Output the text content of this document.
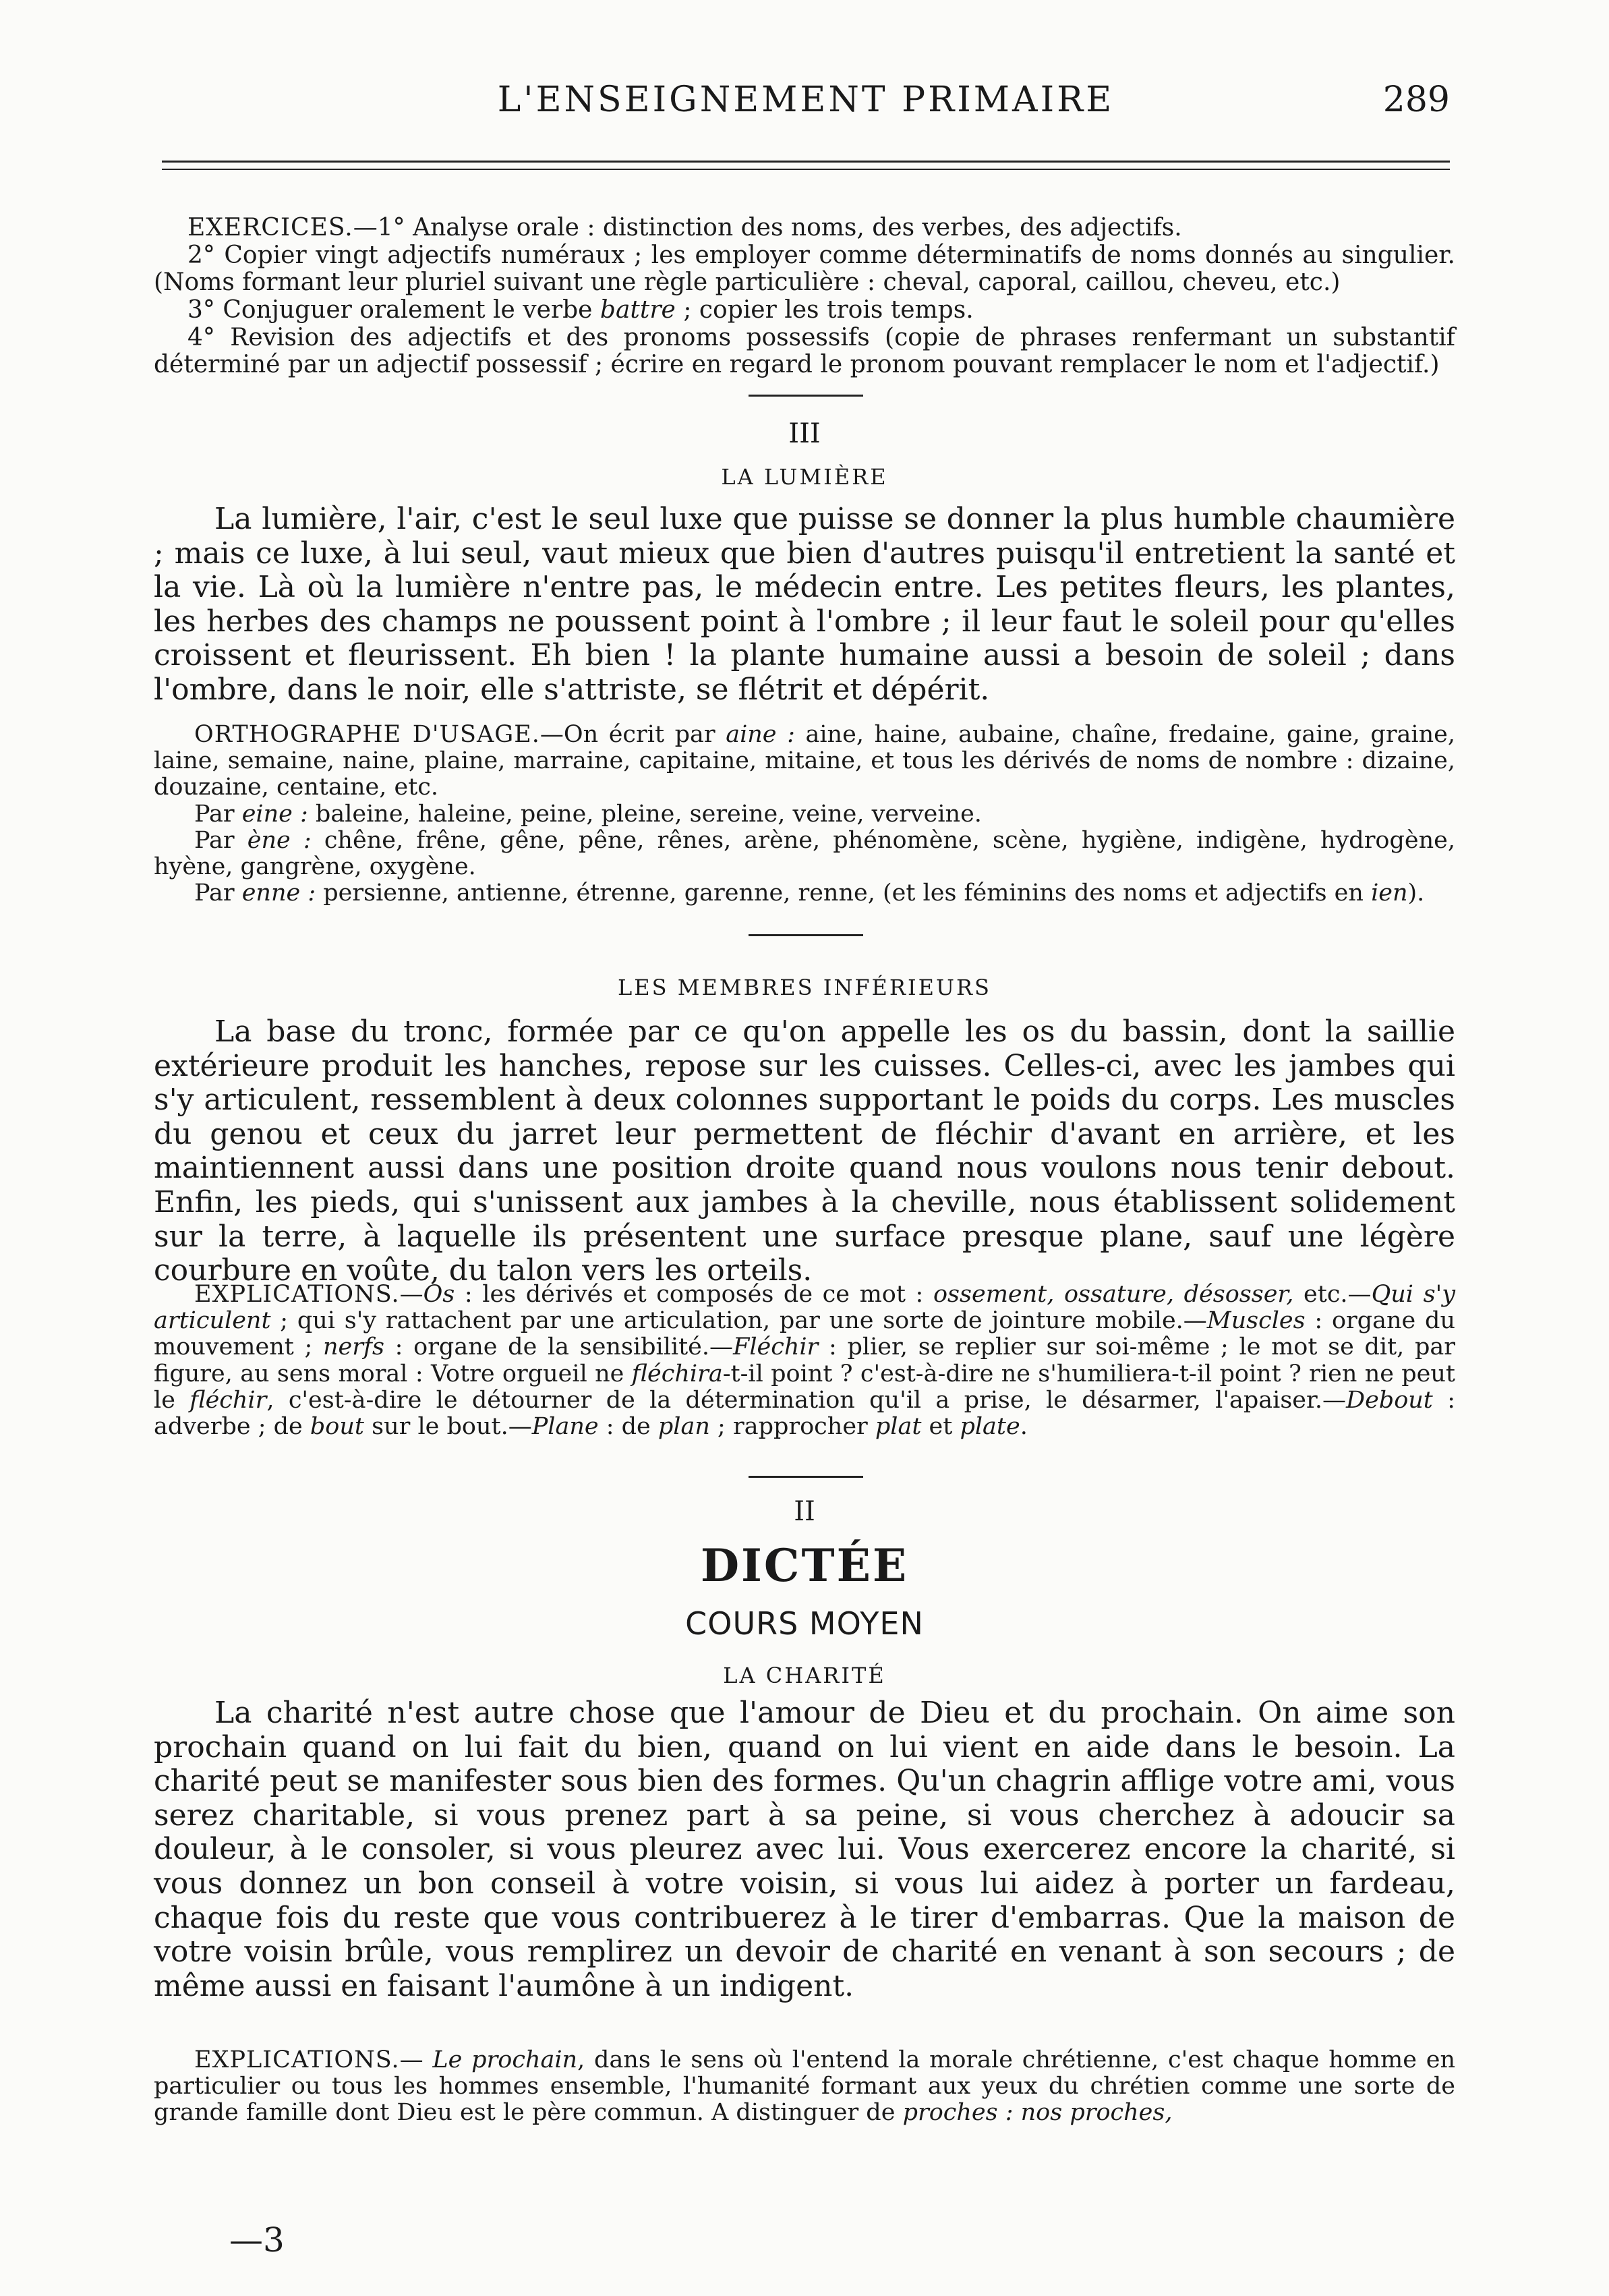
L'ENSEIGNEMENT PRIMAIRE	289

EXERCICES.—1° Analyse orale : distinction des noms, des verbes, des adjectifs.

2° Copier vingt adjectifs numéraux ; les employer comme déterminatifs de noms donnés au singulier. (Noms formant leur pluriel suivant une règle particulière : cheval, caporal, caillou, cheveu, etc.)

3° Conjuguer oralement le verbe battre ; copier les trois temps.

4° Revision des adjectifs et des pronoms possessifs (copie de phrases renfermant un substantif déterminé par un adjectif possessif ; écrire en regard le pronom pouvant remplacer le nom et l'adjectif.)

III
LA LUMIÈRE

La lumière, l'air, c'est le seul luxe que puisse se donner la plus humble chaumière ; mais ce luxe, à lui seul, vaut mieux que bien d'autres puisqu'il entretient la santé et la vie. Là où la lumière n'entre pas, le médecin entre. Les petites fleurs, les plantes, les herbes des champs ne poussent point à l'ombre ; il leur faut le soleil pour qu'elles croissent et fleurissent. Eh bien ! la plante humaine aussi a besoin de soleil ; dans l'ombre, dans le noir, elle s'attriste, se flétrit et dépérit.

ORTHOGRAPHE D'USAGE.—On écrit par aine : aine, haine, aubaine, chaîne, fredaine, gaine, graine, laine, semaine, naine, plaine, marraine, capitaine, mitaine, et tous les dérivés de noms de nombre : dizaine, douzaine, centaine, etc.

Par eine : baleine, haleine, peine, pleine, sereine, veine, verveine.

Par ène : chêne, frêne, gêne, pêne, rênes, arène, phénomène, scène, hygiène, indigène, hydrogène, hyène, gangrène, oxygène.

Par enne : persienne, antienne, étrenne, garenne, renne, (et les féminins des noms et adjectifs en ien).

LES MEMBRES INFÉRIEURS

La base du tronc, formée par ce qu'on appelle les os du bassin, dont la saillie extérieure produit les hanches, repose sur les cuisses. Celles-ci, avec les jambes qui s'y articulent, ressemblent à deux colonnes supportant le poids du corps. Les muscles du genou et ceux du jarret leur permettent de fléchir d'avant en arrière, et les maintiennent aussi dans une position droite quand nous voulons nous tenir debout. Enfin, les pieds, qui s'unissent aux jambes à la cheville, nous établissent solidement sur la terre, à laquelle ils présentent une surface presque plane, sauf une légère courbure en voûte, du talon vers les orteils.

EXPLICATIONS.—Os : les dérivés et composés de ce mot : ossement, ossature, désosser, etc.—Qui s'y articulent ; qui s'y rattachent par une articulation, par une sorte de jointure mobile.—Muscles : organe du mouvement ; nerfs : organe de la sensibilité.—Fléchir : plier, se replier sur soi-même ; le mot se dit, par figure, au sens moral : Votre orgueil ne fléchira-t-il point ? c'est-à-dire ne s'humiliera-t-il point ? rien ne peut le fléchir, c'est-à-dire le détourner de la détermination qu'il a prise, le désarmer, l'apaiser.—Debout : adverbe ; de bout sur le bout.—Plane : de plan ; rapprocher plat et plate.

II
DICTÉE
COURS MOYEN
LA CHARITÉ

La charité n'est autre chose que l'amour de Dieu et du prochain. On aime son prochain quand on lui fait du bien, quand on lui vient en aide dans le besoin. La charité peut se manifester sous bien des formes. Qu'un chagrin afflige votre ami, vous serez charitable, si vous prenez part à sa peine, si vous cherchez à adoucir sa douleur, à le consoler, si vous pleurez avec lui. Vous exercerez encore la charité, si vous donnez un bon conseil à votre voisin, si vous lui aidez à porter un fardeau, chaque fois du reste que vous contribuerez à le tirer d'embarras. Que la maison de votre voisin brûle, vous remplirez un devoir de charité en venant à son secours ; de même aussi en faisant l'aumône à un indigent.

EXPLICATIONS.— Le prochain, dans le sens où l'entend la morale chrétienne, c'est chaque homme en particulier ou tous les hommes ensemble, l'humanité formant aux yeux du chrétien comme une sorte de grande famille dont Dieu est le père commun. A distinguer de proches : nos proches,

—3
